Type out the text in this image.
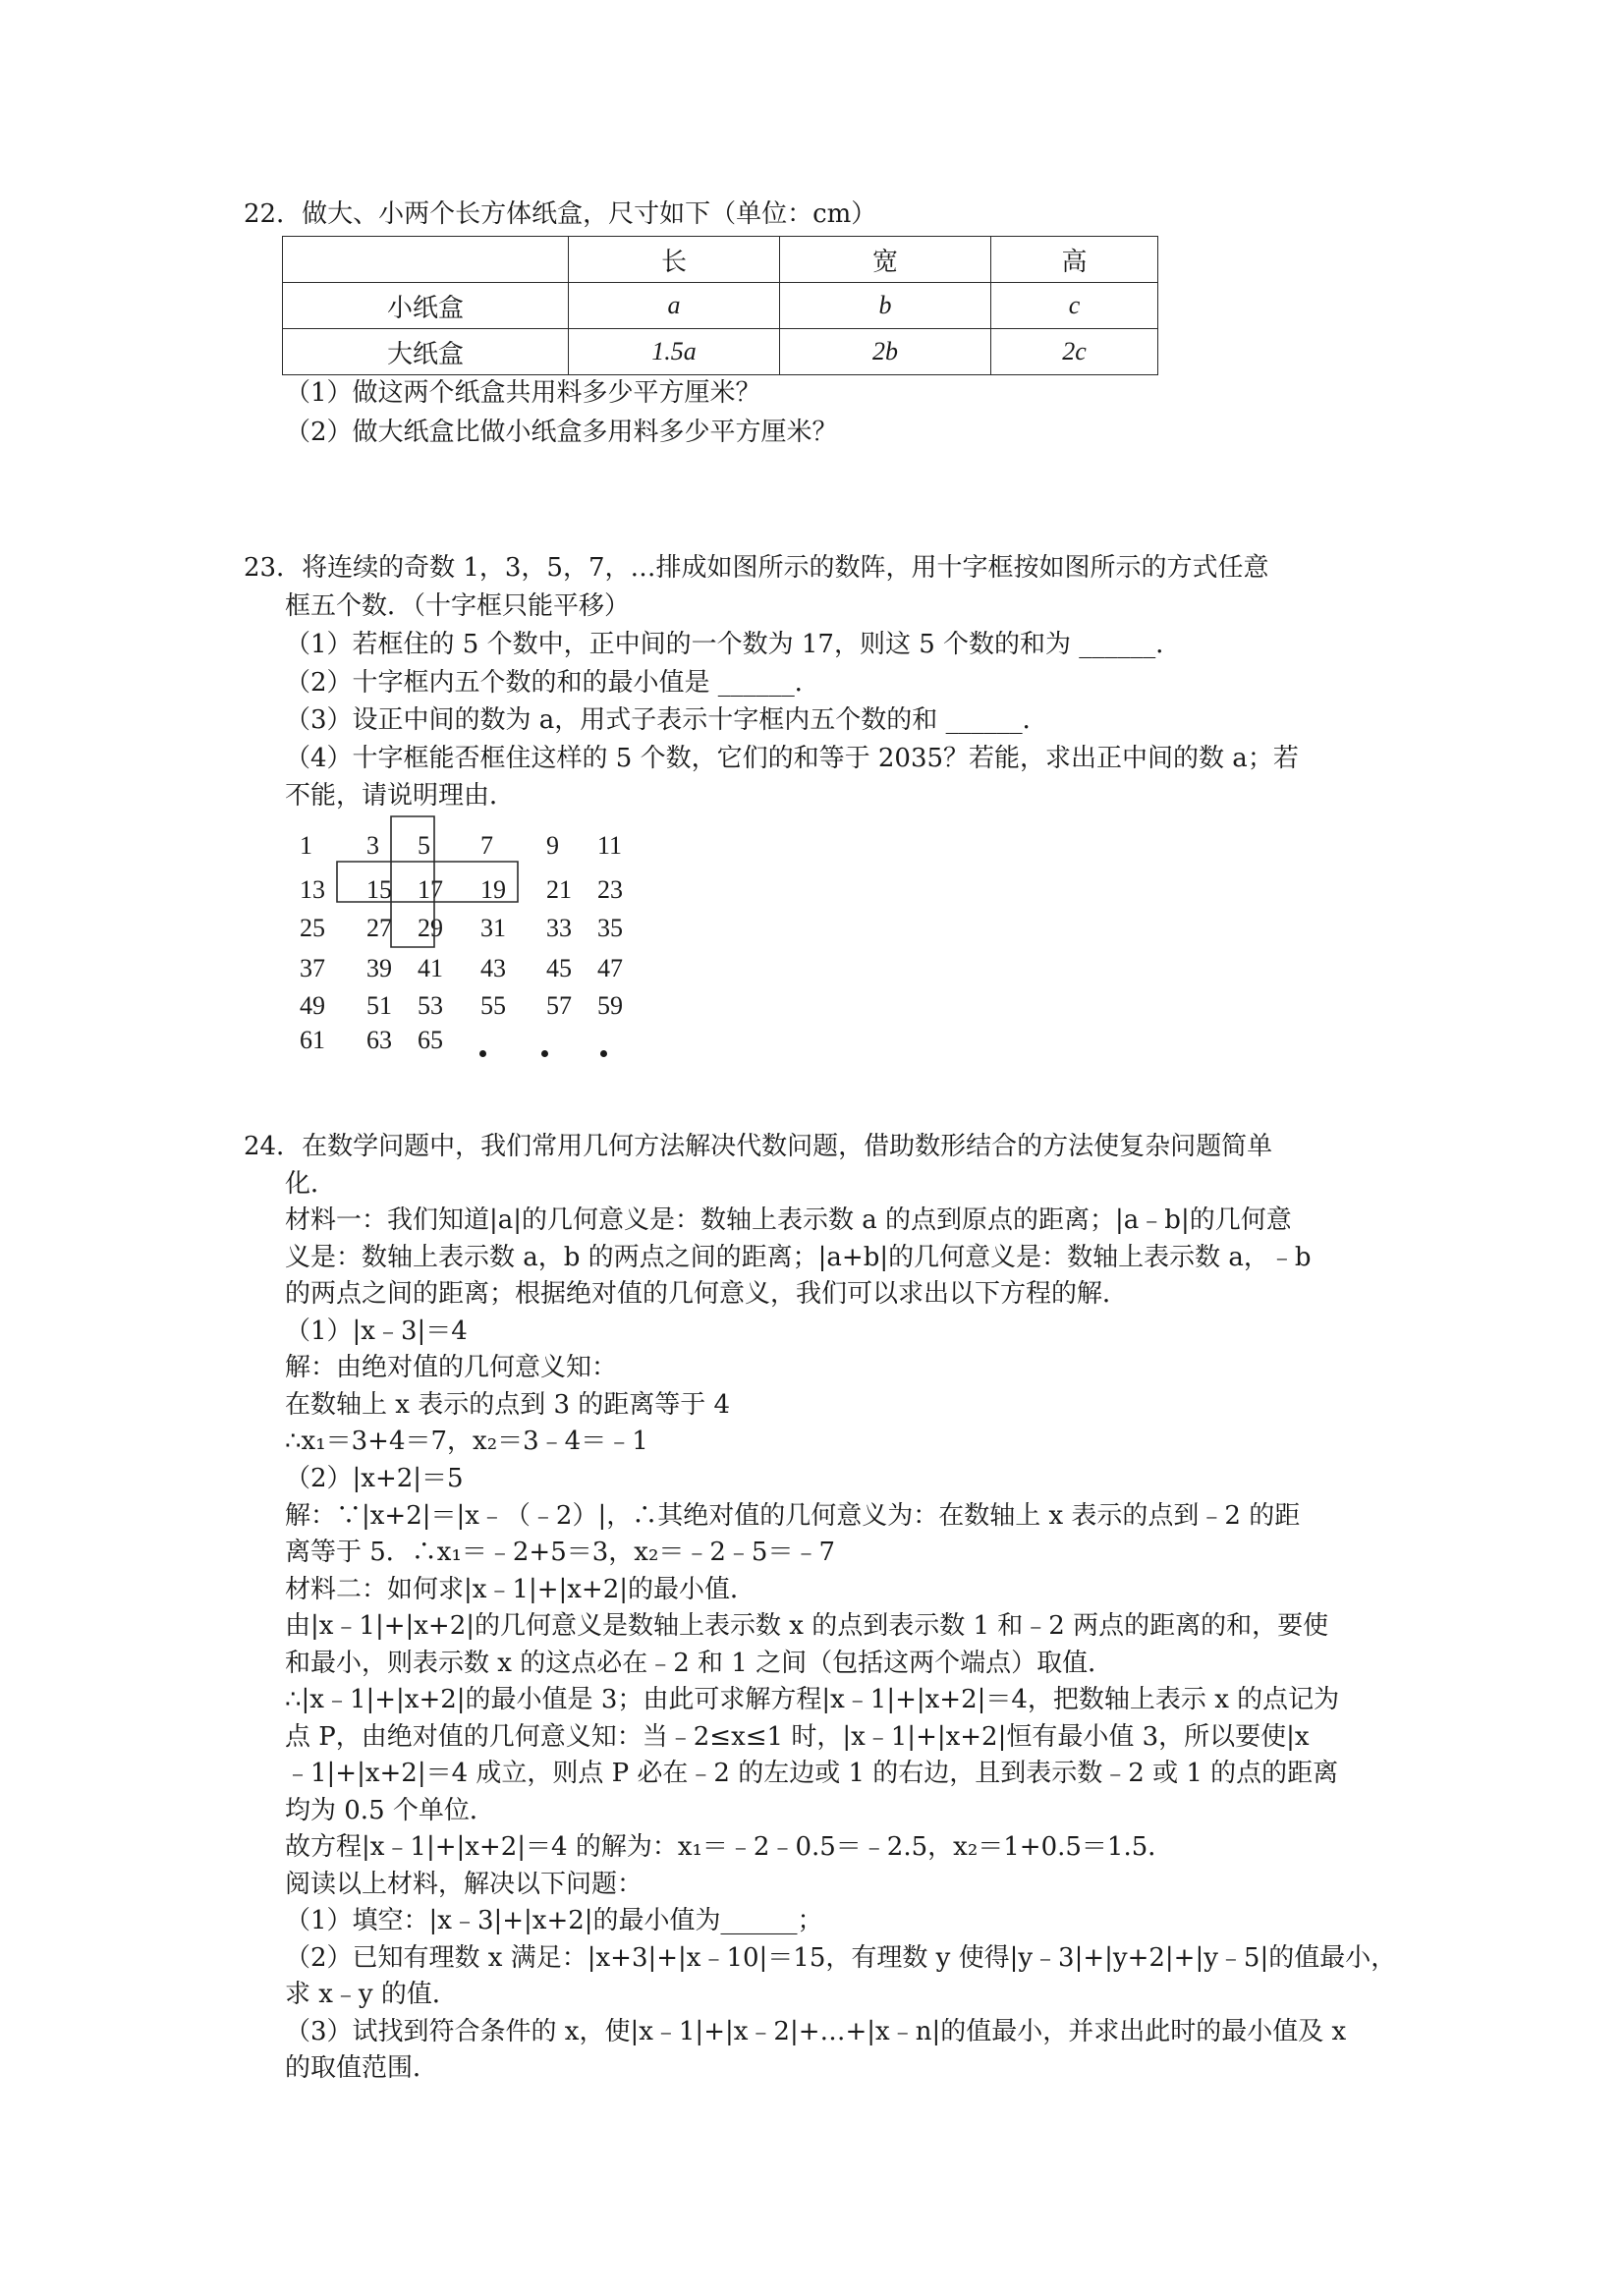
22．做大、小两个长方体纸盒，尺寸如下（单位：cm）
	长	宽	高
小纸盒	a	b	c
大纸盒	1.5a	2b	2c
（1）做这两个纸盒共用料多少平方厘米？
（2）做大纸盒比做小纸盒多用料多少平方厘米？
23．将连续的奇数 1，3，5，7，…排成如图所示的数阵，用十字框按如图所示的方式任意
框五个数．（十字框只能平移）
（1）若框住的 5 个数中，正中间的一个数为 17，则这 5 个数的和为 ______．
（2）十字框内五个数的和的最小值是 ______．
（3）设正中间的数为 a，用式子表示十字框内五个数的和 ______．
（4）十字框能否框住这样的 5 个数，它们的和等于 2035？若能，求出正中间的数 a；若
不能，请说明理由．
1 3 5 7 9 11
13 15 17 19 21 23
25 27 29 31 33 35
37 39 41 43 45 47
49 51 53 55 57 59
61 63 65
24．在数学问题中，我们常用几何方法解决代数问题，借助数形结合的方法使复杂问题简单
化．
材料一：我们知道|a|的几何意义是：数轴上表示数 a 的点到原点的距离；|a﹣b|的几何意
义是：数轴上表示数 a，b 的两点之间的距离；|a+b|的几何意义是：数轴上表示数 a，﹣b
的两点之间的距离；根据绝对值的几何意义，我们可以求出以下方程的解．
（1）|x﹣3|＝4
解：由绝对值的几何意义知：
在数轴上 x 表示的点到 3 的距离等于 4
∴x₁＝3+4＝7，x₂＝3﹣4＝﹣1
（2）|x+2|＝5
解：∵|x+2|＝|x﹣（﹣2）|，∴其绝对值的几何意义为：在数轴上 x 表示的点到﹣2 的距
离等于 5．∴x₁＝﹣2+5＝3，x₂＝﹣2﹣5＝﹣7
材料二：如何求|x﹣1|+|x+2|的最小值．
由|x﹣1|+|x+2|的几何意义是数轴上表示数 x 的点到表示数 1 和﹣2 两点的距离的和，要使
和最小，则表示数 x 的这点必在﹣2 和 1 之间（包括这两个端点）取值．
∴|x﹣1|+|x+2|的最小值是 3；由此可求解方程|x﹣1|+|x+2|＝4，把数轴上表示 x 的点记为
点 P，由绝对值的几何意义知：当﹣2≤x≤1 时，|x﹣1|+|x+2|恒有最小值 3，所以要使|x
﹣1|+|x+2|＝4 成立，则点 P 必在﹣2 的左边或 1 的右边，且到表示数﹣2 或 1 的点的距离
均为 0.5 个单位．
故方程|x﹣1|+|x+2|＝4 的解为：x₁＝﹣2﹣0.5＝﹣2.5，x₂＝1+0.5＝1.5．
阅读以上材料，解决以下问题：
（1）填空：|x﹣3|+|x+2|的最小值为______；
（2）已知有理数 x 满足：|x+3|+|x﹣10|＝15，有理数 y 使得|y﹣3|+|y+2|+|y﹣5|的值最小，
求 x﹣y 的值．
（3）试找到符合条件的 x，使|x﹣1|+|x﹣2|+…+|x﹣n|的值最小，并求出此时的最小值及 x
的取值范围．
